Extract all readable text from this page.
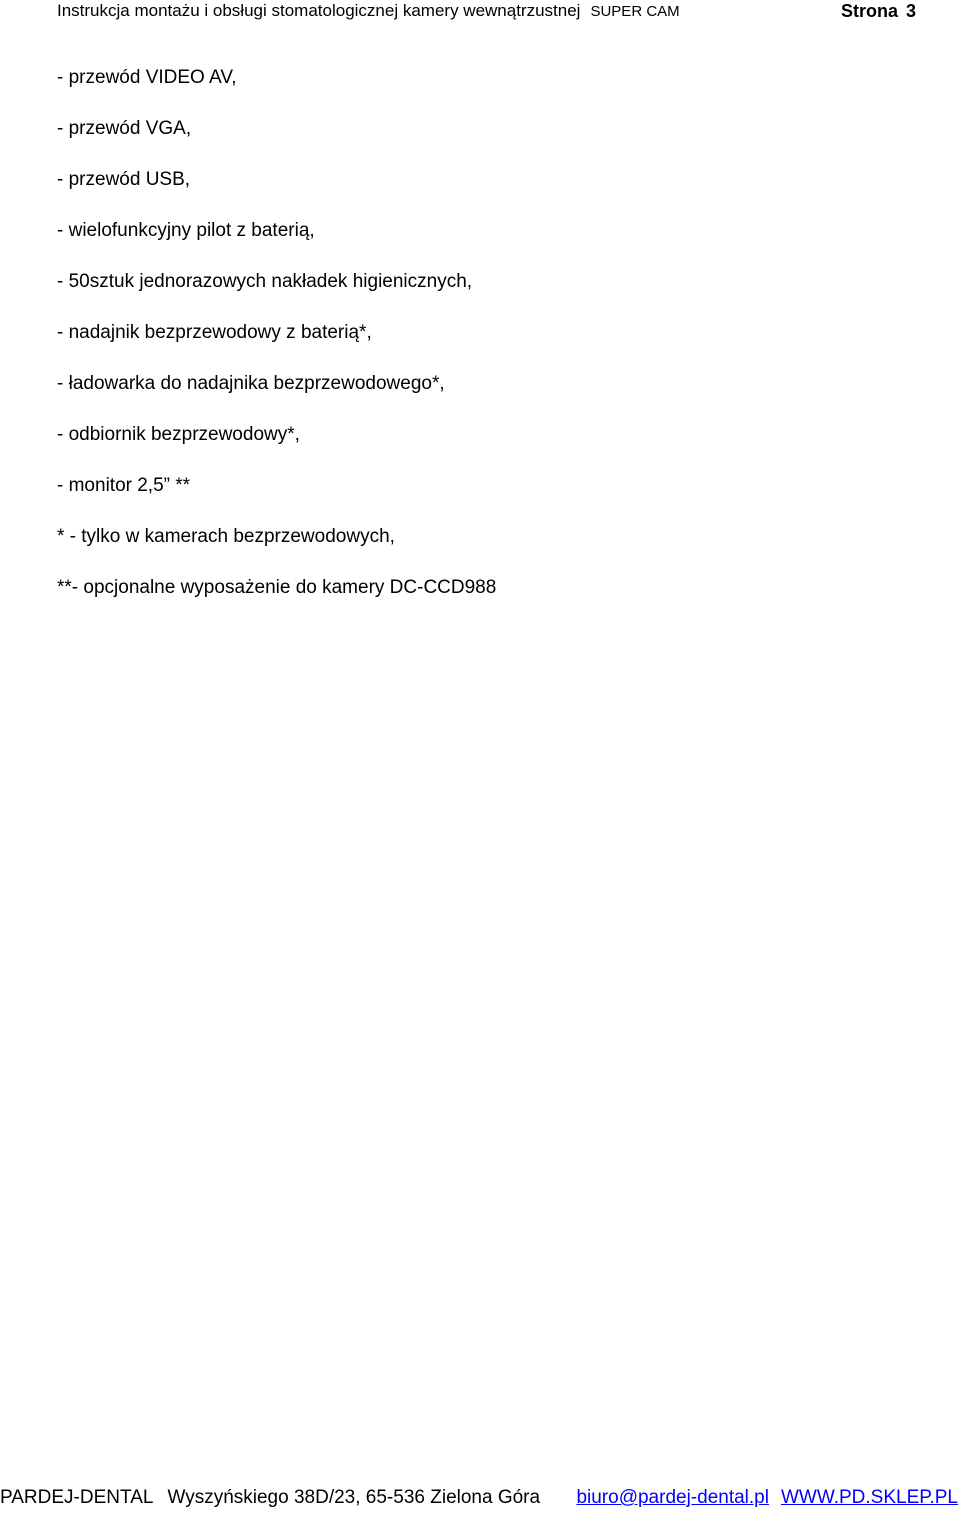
Instrukcja montażu i obsługi stomatologicznej kamery wewnątrzustnej SUPER CAM	Strona 3
- przewód VIDEO AV,
- przewód VGA,
- przewód USB,
- wielofunkcyjny pilot z baterią,
- 50sztuk jednorazowych nakładek higienicznych,
- nadajnik bezprzewodowy z baterią*,
- ładowarka do nadajnika bezprzewodowego*,
- odbiornik bezprzewodowy*,
- monitor 2,5” **
* - tylko w kamerach bezprzewodowych,
**- opcjonalne wyposażenie do kamery DC-CCD988
PARDEJ-DENTAL Wyszyńskiego 38D/23, 65-536 Zielona Góra biuro@pardej-dental.pl WWW.PD.SKLEP.PL
